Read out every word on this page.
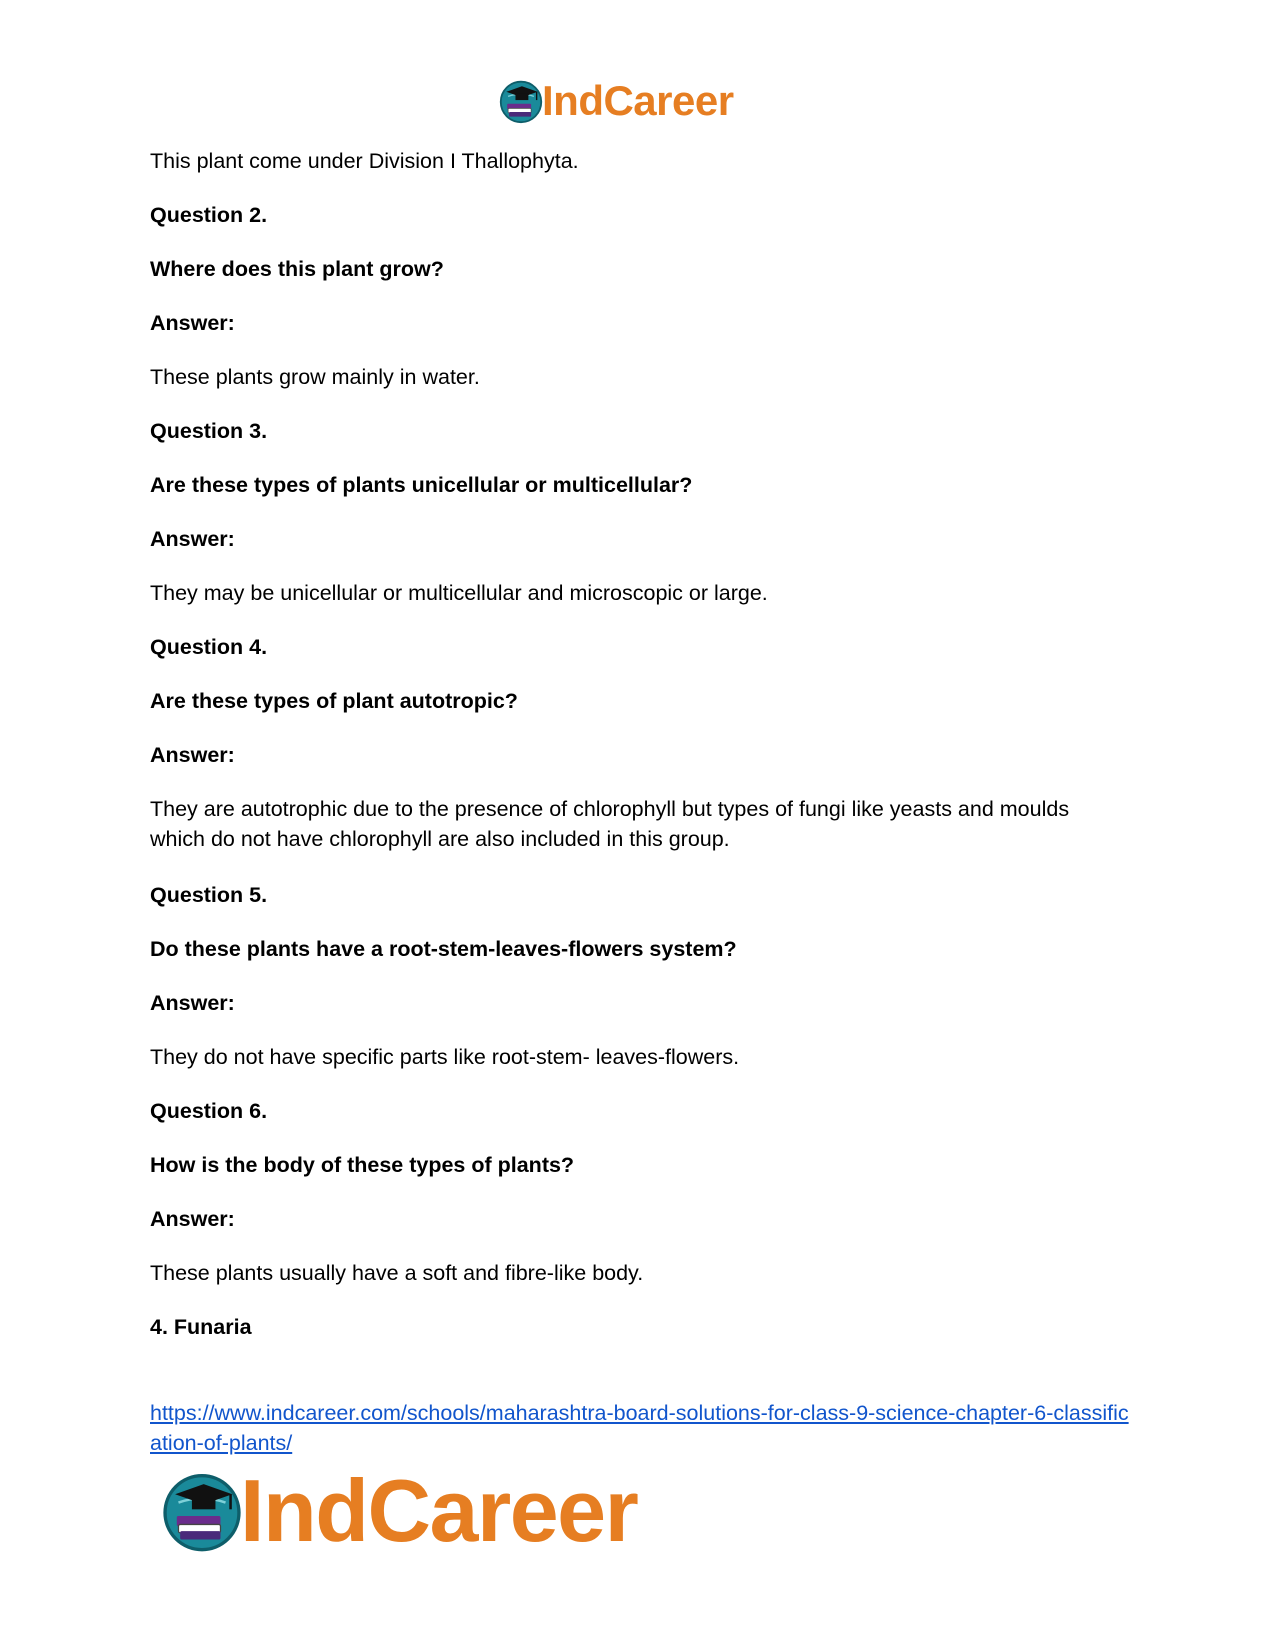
IndCareer
This plant come under Division I Thallophyta.
Question 2.
Where does this plant grow?
Answer:
These plants grow mainly in water.
Question 3.
Are these types of plants unicellular or multicellular?
Answer:
They may be unicellular or multicellular and microscopic or large.
Question 4.
Are these types of plant autotropic?
Answer:
They are autotrophic due to the presence of chlorophyll but types of fungi like yeasts and moulds which do not have chlorophyll are also included in this group.
Question 5.
Do these plants have a root-stem-leaves-flowers system?
Answer:
They do not have specific parts like root-stem- leaves-flowers.
Question 6.
How is the body of these types of plants?
Answer:
These plants usually have a soft and fibre-like body.
4. Funaria
https://www.indcareer.com/schools/maharashtra-board-solutions-for-class-9-science-chapter-6-classification-of-plants/
IndCareer
